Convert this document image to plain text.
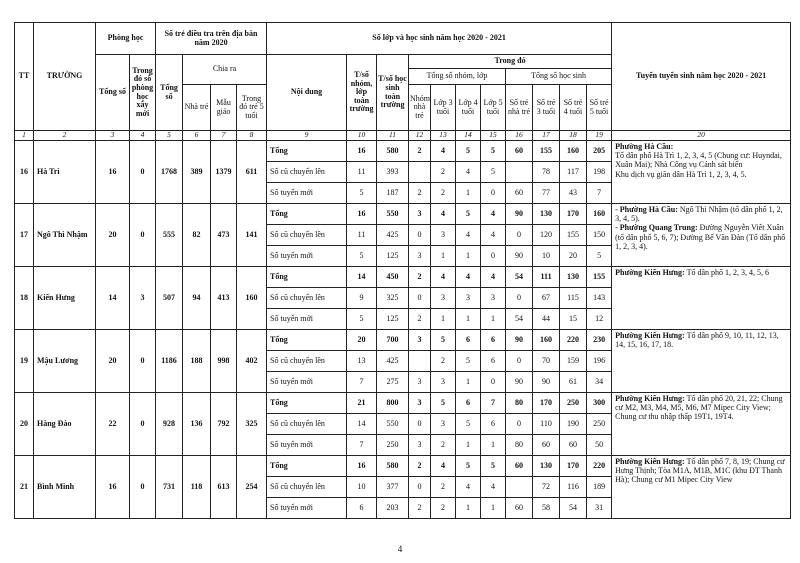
TT	TRƯỜNG	Phòng học		Số trẻ điều tra trên địa bàn năm 2020				Số lớp và học sinh năm học 2020 - 2021											Tuyến tuyển sinh năm học 2020 - 2021
		Tổng số	Trong đó số phòng học xây mới	Tổng số	Chia ra			Nội dung	T/số nhóm, lớp toàn trường	T/số học sinh toàn trường	Trong đó								
											Tổng số nhóm, lớp				Tổng số học sinh				
					Nhà trẻ	Mẫu giáo	Trong đó trẻ 5 tuổi				Nhóm nhà trẻ	Lớp 3 tuổi	Lớp 4 tuổi	Lớp 5 tuổi	Số trẻ nhà trẻ	Số trẻ 3 tuổi	Số trẻ 4 tuổi	Số trẻ 5 tuổi	
1	2	3	4	5	6	7	8	9	10	11	12	13	14	15	16	17	18	19	20
16	Hà Trì	16	0	1768	389	1379	611	Tổng	16	580	2	4	5	5	60	155	160	205	Phường Hà Cầu:
Tổ dân phố Hà Trì 1, 2, 3, 4, 5 (Chung cư: Huyndai, Xuân Mai); Nhà Công vụ Cảnh sát biển
Khu dịch vụ giãn dân Hà Trì 1, 2, 3, 4, 5.

								Số cũ chuyển lên	11	393		2	4	5		78	117	198	
								Số tuyển mới	5	187	2	2	1	0	60	77	43	7	
17	Ngô Thì Nhậm	20	0	555	82	473	141	Tổng	16	550	3	4	5	4	90	130	170	160	- Phường Hà Cầu: Ngô Thì Nhậm (tổ dân phố 1, 2, 3, 4, 5).
- Phường Quang Trung: Đường Nguyễn Viết Xuân (tổ dân phố 5, 6, 7); Đường Bế Văn Đàn (Tổ dân phố 1, 2, 3, 4).

								Số cũ chuyển lên	11	425	0	3	4	4	0	120	155	150	
								Số tuyển mới	5	125	3	1	1	0	90	10	20	5	
18	Kiến Hưng	14	3	507	94	413	160	Tổng	14	450	2	4	4	4	54	111	130	155	Phường Kiến Hưng: Tổ dân phố 1, 2, 3, 4, 5, 6

								Số cũ chuyển lên	9	325	0	3	3	3	0	67	115	143	
								Số tuyển mới	5	125	2	1	1	1	54	44	15	12	
19	Mậu Lương	20	0	1186	188	998	402	Tổng	20	700	3	5	6	6	90	160	220	230	Phường Kiến Hưng: Tổ dân phố 9, 10, 11, 12, 13, 14, 15, 16, 17, 18.

								Số cũ chuyển lên	13	425		2	5	6	0	70	159	196	
								Số tuyển mới	7	275	3	3	1	0	90	90	61	34	
20	Hàng Đào	22	0	928	136	792	325	Tổng	21	800	3	5	6	7	80	170	250	300	Phường Kiến Hưng: Tổ dân phố 20, 21, 22; Chung cư M2, M3, M4, M5, M6, M7 Mipec City View; Chung cư thu nhập thấp 19T1, 19T4.

								Số cũ chuyển lên	14	550	0	3	5	6	0	110	190	250	
								Số tuyển mới	7	250	3	2	1	1	80	60	60	50	
21	Bình Minh	16	0	731	118	613	254	Tổng	16	580	2	4	5	5	60	130	170	220	Phường Kiến Hưng: Tổ dân phố 7, 8, 19; Chung cư Hưng Thịnh; Tòa M1A, M1B, M1C (khu ĐT Thanh Hà); Chung cư M1 Mipec City View

								Số cũ chuyển lên	10	377	0	2	4	4		72	116	189	
								Số tuyển mới	6	203	2	2	1	1	60	58	54	31	
4
